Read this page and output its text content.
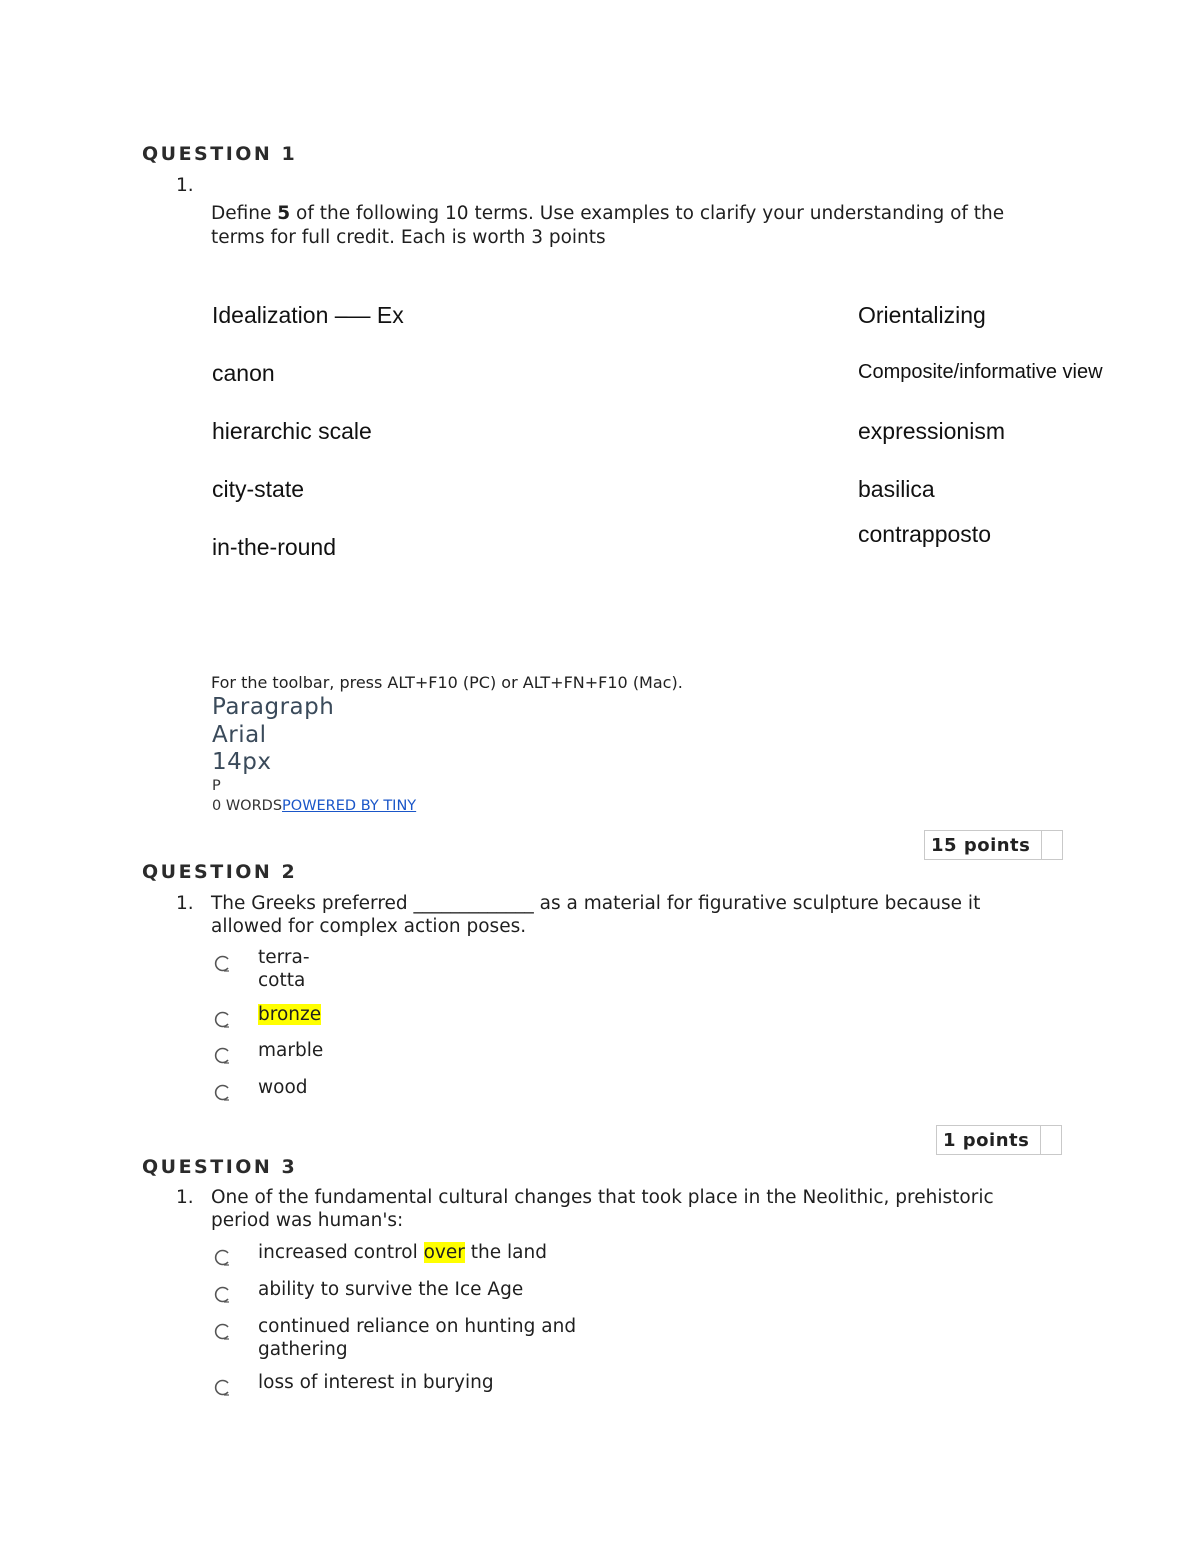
QUESTION 1
1.
Define 5 of the following 10 terms. Use examples to clarify your understanding of the
terms for full credit. Each is worth 3 points
Idealization –— Ex
canon
hierarchic scale
city-state
in-the-round
Orientalizing
Composite/informative view
expressionism
basilica
contrapposto
For the toolbar, press ALT+F10 (PC) or ALT+FN+F10 (Mac).
Paragraph
Arial
14px
P
0 WORDSPOWERED BY TINY
15 points
QUESTION 2
1. The Greeks preferred _____________ as a material for figurative sculpture because it
allowed for complex action poses.
terra-
cotta
bronze
marble
wood
1 points
QUESTION 3
1. One of the fundamental cultural changes that took place in the Neolithic, prehistoric
period was human's:
increased control over the land
ability to survive the Ice Age
continued reliance on hunting and
gathering
loss of interest in burying
